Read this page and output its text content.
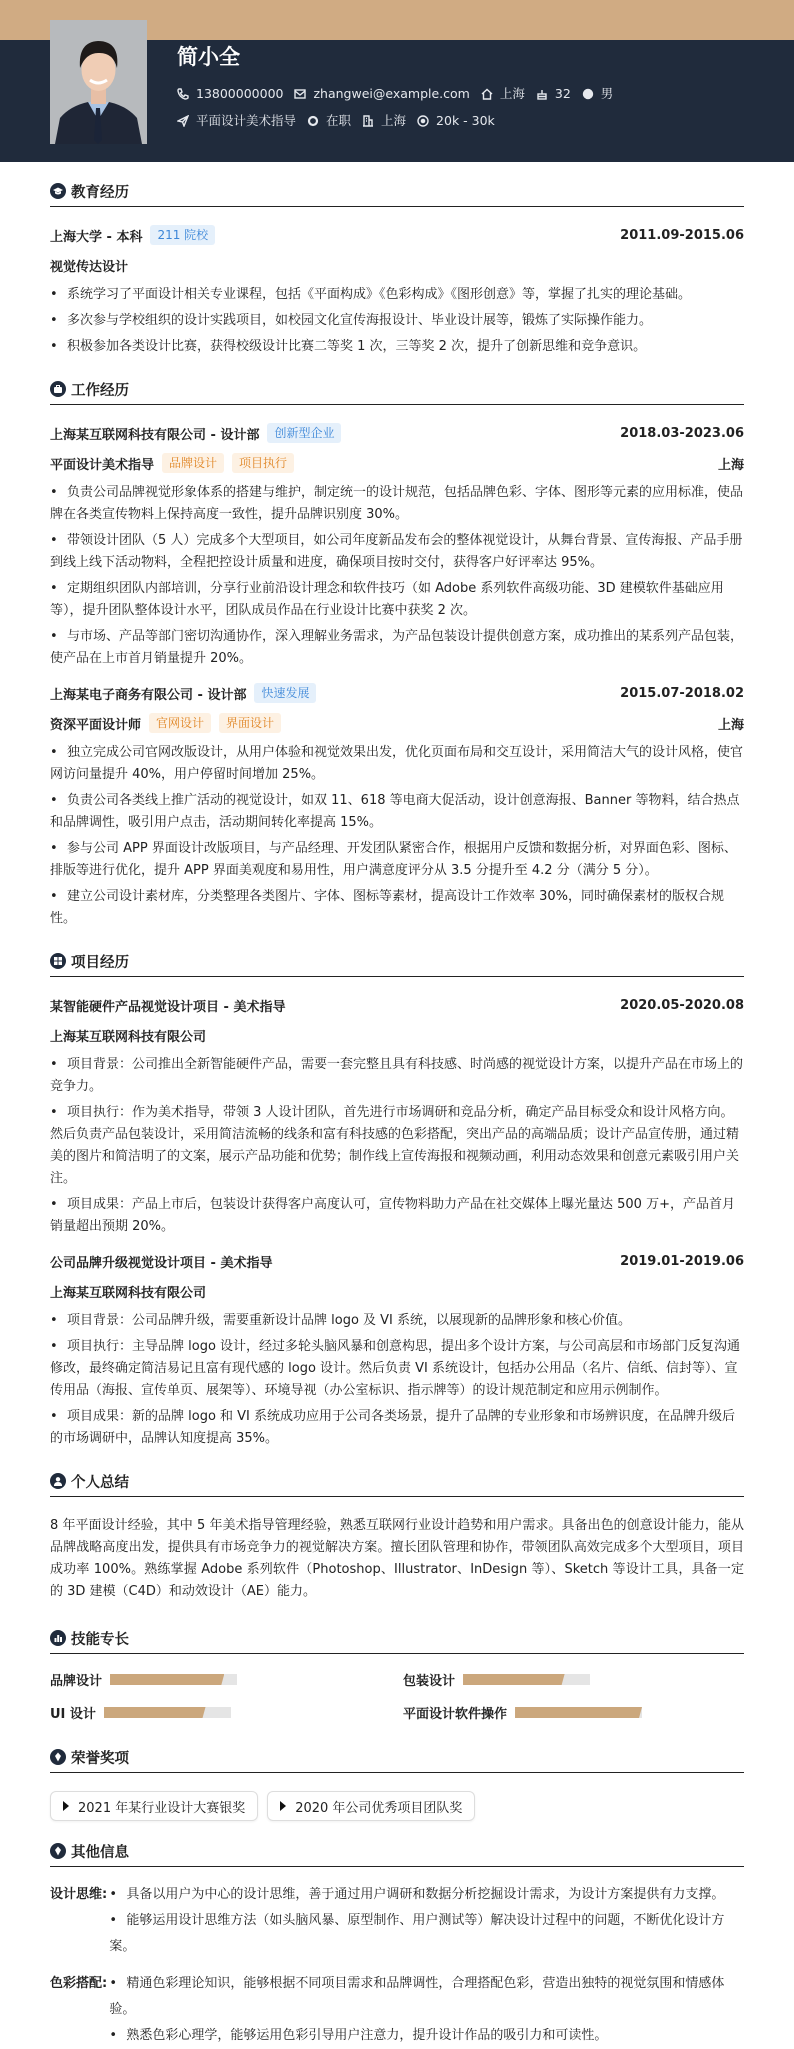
简小全
13800000000 zhangwei@example.com 上海 32 男
平面设计美术指导 在职 上海 20k - 30k
教育经历
上海大学 - 本科	211 院校	2011.09-2015.06
视觉传达设计
• 系统学习了平面设计相关专业课程，包括《平面构成》《色彩构成》《图形创意》等，掌握了扎实的理论基础。
• 多次参与学校组织的设计实践项目，如校园文化宣传海报设计、毕业设计展等，锻炼了实际操作能力。
• 积极参加各类设计比赛，获得校级设计比赛二等奖 1 次，三等奖 2 次，提升了创新思维和竞争意识。
工作经历
上海某互联网科技有限公司 - 设计部	创新型企业	2018.03-2023.06
平面设计美术指导	品牌设计	项目执行	上海
• 负责公司品牌视觉形象体系的搭建与维护，制定统一的设计规范，包括品牌色彩、字体、图形等元素的应用标准，使品牌在各类宣传物料上保持高度一致性，提升品牌识别度 30%。
• 带领设计团队（5 人）完成多个大型项目，如公司年度新品发布会的整体视觉设计，从舞台背景、宣传海报、产品手册到线上线下活动物料，全程把控设计质量和进度，确保项目按时交付，获得客户好评率达 95%。
• 定期组织团队内部培训，分享行业前沿设计理念和软件技巧（如 Adobe 系列软件高级功能、3D 建模软件基础应用等），提升团队整体设计水平，团队成员作品在行业设计比赛中获奖 2 次。
• 与市场、产品等部门密切沟通协作，深入理解业务需求，为产品包装设计提供创意方案，成功推出的某系列产品包装，使产品在上市首月销量提升 20%。
上海某电子商务有限公司 - 设计部	快速发展	2015.07-2018.02
资深平面设计师	官网设计	界面设计	上海
• 独立完成公司官网改版设计，从用户体验和视觉效果出发，优化页面布局和交互设计，采用简洁大气的设计风格，使官网访问量提升 40%，用户停留时间增加 25%。
• 负责公司各类线上推广活动的视觉设计，如双 11、618 等电商大促活动，设计创意海报、Banner 等物料，结合热点和品牌调性，吸引用户点击，活动期间转化率提高 15%。
• 参与公司 APP 界面设计改版项目，与产品经理、开发团队紧密合作，根据用户反馈和数据分析，对界面色彩、图标、排版等进行优化，提升 APP 界面美观度和易用性，用户满意度评分从 3.5 分提升至 4.2 分（满分 5 分）。
• 建立公司设计素材库，分类整理各类图片、字体、图标等素材，提高设计工作效率 30%，同时确保素材的版权合规性。
项目经历
某智能硬件产品视觉设计项目 - 美术指导	2020.05-2020.08
上海某互联网科技有限公司
• 项目背景：公司推出全新智能硬件产品，需要一套完整且具有科技感、时尚感的视觉设计方案，以提升产品在市场上的竞争力。
• 项目执行：作为美术指导，带领 3 人设计团队，首先进行市场调研和竞品分析，确定产品目标受众和设计风格方向。然后负责产品包装设计，采用简洁流畅的线条和富有科技感的色彩搭配，突出产品的高端品质；设计产品宣传册，通过精美的图片和简洁明了的文案，展示产品功能和优势；制作线上宣传海报和视频动画，利用动态效果和创意元素吸引用户关注。
• 项目成果：产品上市后，包装设计获得客户高度认可，宣传物料助力产品在社交媒体上曝光量达 500 万+，产品首月销量超出预期 20%。
公司品牌升级视觉设计项目 - 美术指导	2019.01-2019.06
上海某互联网科技有限公司
• 项目背景：公司品牌升级，需要重新设计品牌 logo 及 VI 系统，以展现新的品牌形象和核心价值。
• 项目执行：主导品牌 logo 设计，经过多轮头脑风暴和创意构思，提出多个设计方案，与公司高层和市场部门反复沟通修改，最终确定简洁易记且富有现代感的 logo 设计。然后负责 VI 系统设计，包括办公用品（名片、信纸、信封等）、宣传用品（海报、宣传单页、展架等）、环境导视（办公室标识、指示牌等）的设计规范制定和应用示例制作。
• 项目成果：新的品牌 logo 和 VI 系统成功应用于公司各类场景，提升了品牌的专业形象和市场辨识度，在品牌升级后的市场调研中，品牌认知度提高 35%。
个人总结

8 年平面设计经验，其中 5 年美术指导管理经验，熟悉互联网行业设计趋势和用户需求。具备出色的创意设计能力，能从品牌战略高度出发，提供具有市场竞争力的视觉解决方案。擅长团队管理和协作，带领团队高效完成多个大型项目，项目成功率 100%。熟练掌握 Adobe 系列软件（Photoshop、Illustrator、InDesign 等）、Sketch 等设计工具，具备一定的 3D 建模（C4D）和动效设计（AE）能力。

技能专长
品牌设计	包装设计
UI 设计	平面设计软件操作
荣誉奖项
2021 年某行业设计大赛银奖	2020 年公司优秀项目团队奖
其他信息
设计思维: • 具备以用户为中心的设计思维，善于通过用户调研和数据分析挖掘设计需求，为设计方案提供有力支撑。
• 能够运用设计思维方法（如头脑风暴、原型制作、用户测试等）解决设计过程中的问题，不断优化设计方案。
色彩搭配: • 精通色彩理论知识，能够根据不同项目需求和品牌调性，合理搭配色彩，营造出独特的视觉氛围和情感体验。
• 熟悉色彩心理学，能够运用色彩引导用户注意力，提升设计作品的吸引力和可读性。
